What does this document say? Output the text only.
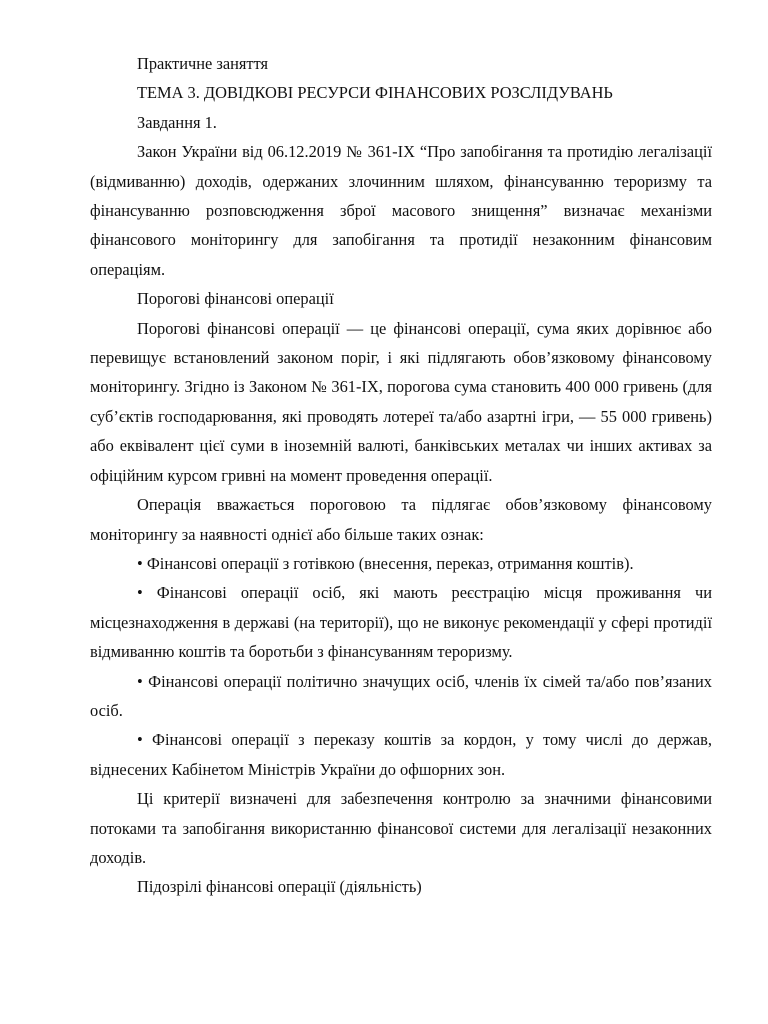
Практичне заняття

ТЕМА 3. ДОВІДКОВІ РЕСУРСИ ФІНАНСОВИХ РОЗСЛІДУВАНЬ

Завдання 1.

Закон України від 06.12.2019 № 361-IX “Про запобігання та протидію легалізації (відмиванню) доходів, одержаних злочинним шляхом, фінансуванню тероризму та фінансуванню розповсюдження зброї масового знищення” визначає механізми фінансового моніторингу для запобігання та протидії незаконним фінансовим операціям.

Порогові фінансові операції

Порогові фінансові операції — це фінансові операції, сума яких дорівнює або перевищує встановлений законом поріг, і які підлягають обов’язковому фінансовому моніторингу. Згідно із Законом № 361-IX, порогова сума становить 400 000 гривень (для суб’єктів господарювання, які проводять лотереї та/або азартні ігри, — 55 000 гривень) або еквівалент цієї суми в іноземній валюті, банківських металах чи інших активах за офіційним курсом гривні на момент проведення операції.

Операція вважається пороговою та підлягає обов’язковому фінансовому моніторингу за наявності однієї або більше таких ознак:

• Фінансові операції з готівкою (внесення, переказ, отримання коштів).

• Фінансові операції осіб, які мають реєстрацію місця проживання чи місцезнаходження в державі (на території), що не виконує рекомендації у сфері протидії відмиванню коштів та боротьби з фінансуванням тероризму.

• Фінансові операції політично значущих осіб, членів їх сімей та/або пов’язаних осіб.

• Фінансові операції з переказу коштів за кордон, у тому числі до держав, віднесених Кабінетом Міністрів України до офшорних зон.

Ці критерії визначені для забезпечення контролю за значними фінансовими потоками та запобігання використанню фінансової системи для легалізації незаконних доходів.

Підозрілі фінансові операції (діяльність)
